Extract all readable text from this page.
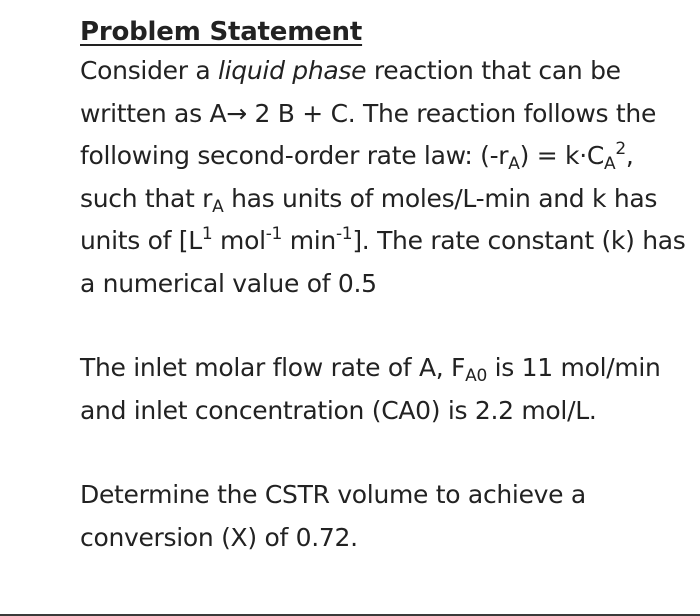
Problem Statement

Consider a liquid phase reaction that can be written as A→ 2 B + C. The reaction follows the following second-order rate law: $(-r_A) = k\cdot C_A^2$, such that $r_A$ has units of moles/L-min and k has units of [$L^1$ mol$^{-1}$ $\min^{-1}$]. The rate constant (k) has a numerical value of 0.5

The inlet molar flow rate of A, $F_{A0}$ is 11 mol/min and inlet concentration (CA0) is 2.2 mol/L.

Determine the CSTR volume to achieve a conversion (X) of 0.72.
